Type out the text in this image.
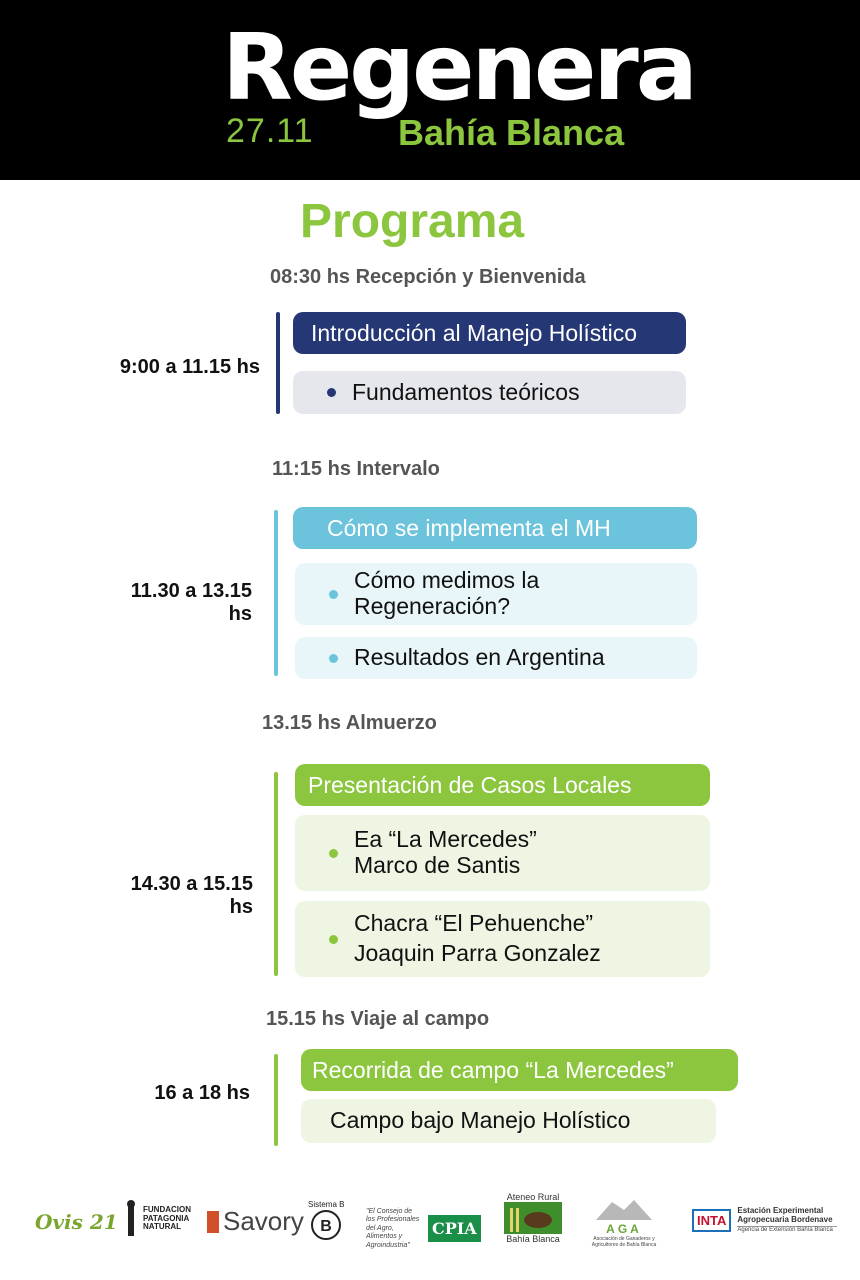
Regenera
27.11 Bahía Blanca
Programa
08:30 hs Recepción y Bienvenida
11:15 hs Intervalo
13.15 hs Almuerzo
15.15 hs Viaje al campo
9:00 a 11.15 hs
Introducción al Manejo Holístico
Fundamentos teóricos
11.30 a 13.15 hs
Cómo se implementa el MH
Cómo medimos la Regeneración?
Resultados en Argentina
14.30 a 15.15 hs
Presentación de Casos Locales
Ea “La Mercedes” Marco de Santis
Chacra “El Pehuenche” Joaquin Parra Gonzalez
16 a 18 hs
Recorrida de campo “La Mercedes”
Campo bajo Manejo Holístico
Ovis 21
FUNDACION PATAGONIA NATURAL	Savory
Sistema B
B
"El Consejo de los Profesionales del Agro, Alimentos y Agroindustria"
CPIA
Ateneo Rural
Bahía Blanca
AGA
Asociación de Ganaderos y Agricultores de Bahía Blanca
INTA
Estación Experimental Agropecuaria Bordenave
Agencia de Extensión Bahía Blanca
